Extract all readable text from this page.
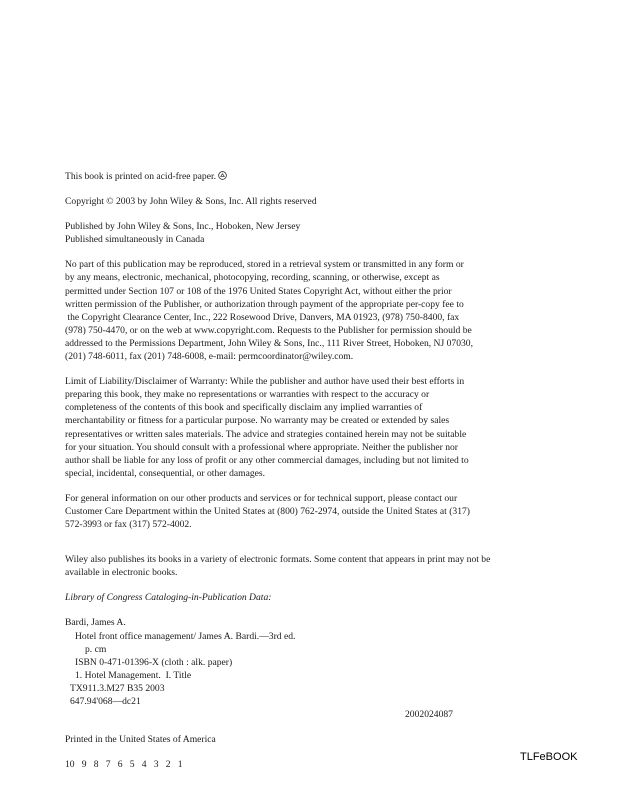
This book is printed on acid-free paper.

Copyright © 2003 by John Wiley & Sons, Inc. All rights reserved

Published by John Wiley & Sons, Inc., Hoboken, New Jersey

Published simultaneously in Canada

No part of this publication may be reproduced, stored in a retrieval system or transmitted in any form or

by any means, electronic, mechanical, photocopying, recording, scanning, or otherwise, except as

permitted under Section 107 or 108 of the 1976 United States Copyright Act, without either the prior

written permission of the Publisher, or authorization through payment of the appropriate per-copy fee to

the Copyright Clearance Center, Inc., 222 Rosewood Drive, Danvers, MA 01923, (978) 750-8400, fax

(978) 750-4470, or on the web at www.copyright.com. Requests to the Publisher for permission should be

addressed to the Permissions Department, John Wiley & Sons, Inc., 111 River Street, Hoboken, NJ 07030,

(201) 748-6011, fax (201) 748-6008, e-mail: permcoordinator@wiley.com.

Limit of Liability/Disclaimer of Warranty: While the publisher and author have used their best efforts in

preparing this book, they make no representations or warranties with respect to the accuracy or

completeness of the contents of this book and specifically disclaim any implied warranties of

merchantability or fitness for a particular purpose. No warranty may be created or extended by sales

representatives or written sales materials. The advice and strategies contained herein may not be suitable

for your situation. You should consult with a professional where appropriate. Neither the publisher nor

author shall be liable for any loss of profit or any other commercial damages, including but not limited to

special, incidental, consequential, or other damages.

For general information on our other products and services or for technical support, please contact our

Customer Care Department within the United States at (800) 762-2974, outside the United States at (317)

572-3993 or fax (317) 572-4002.

Wiley also publishes its books in a variety of electronic formats. Some content that appears in print may not be

available in electronic books.

Library of Congress Cataloging-in-Publication Data:

Bardi, James A.

Hotel front office management/ James A. Bardi.—3rd ed.

p. cm

ISBN 0-471-01396-X (cloth : alk. paper)

1. Hotel Management.  I. Title

TX911.3.M27 B35 2003

647.94'068—dc21

2002024087

Printed in the United States of America

10   9   8   7   6   5   4   3   2   1

TLFeBOOK
